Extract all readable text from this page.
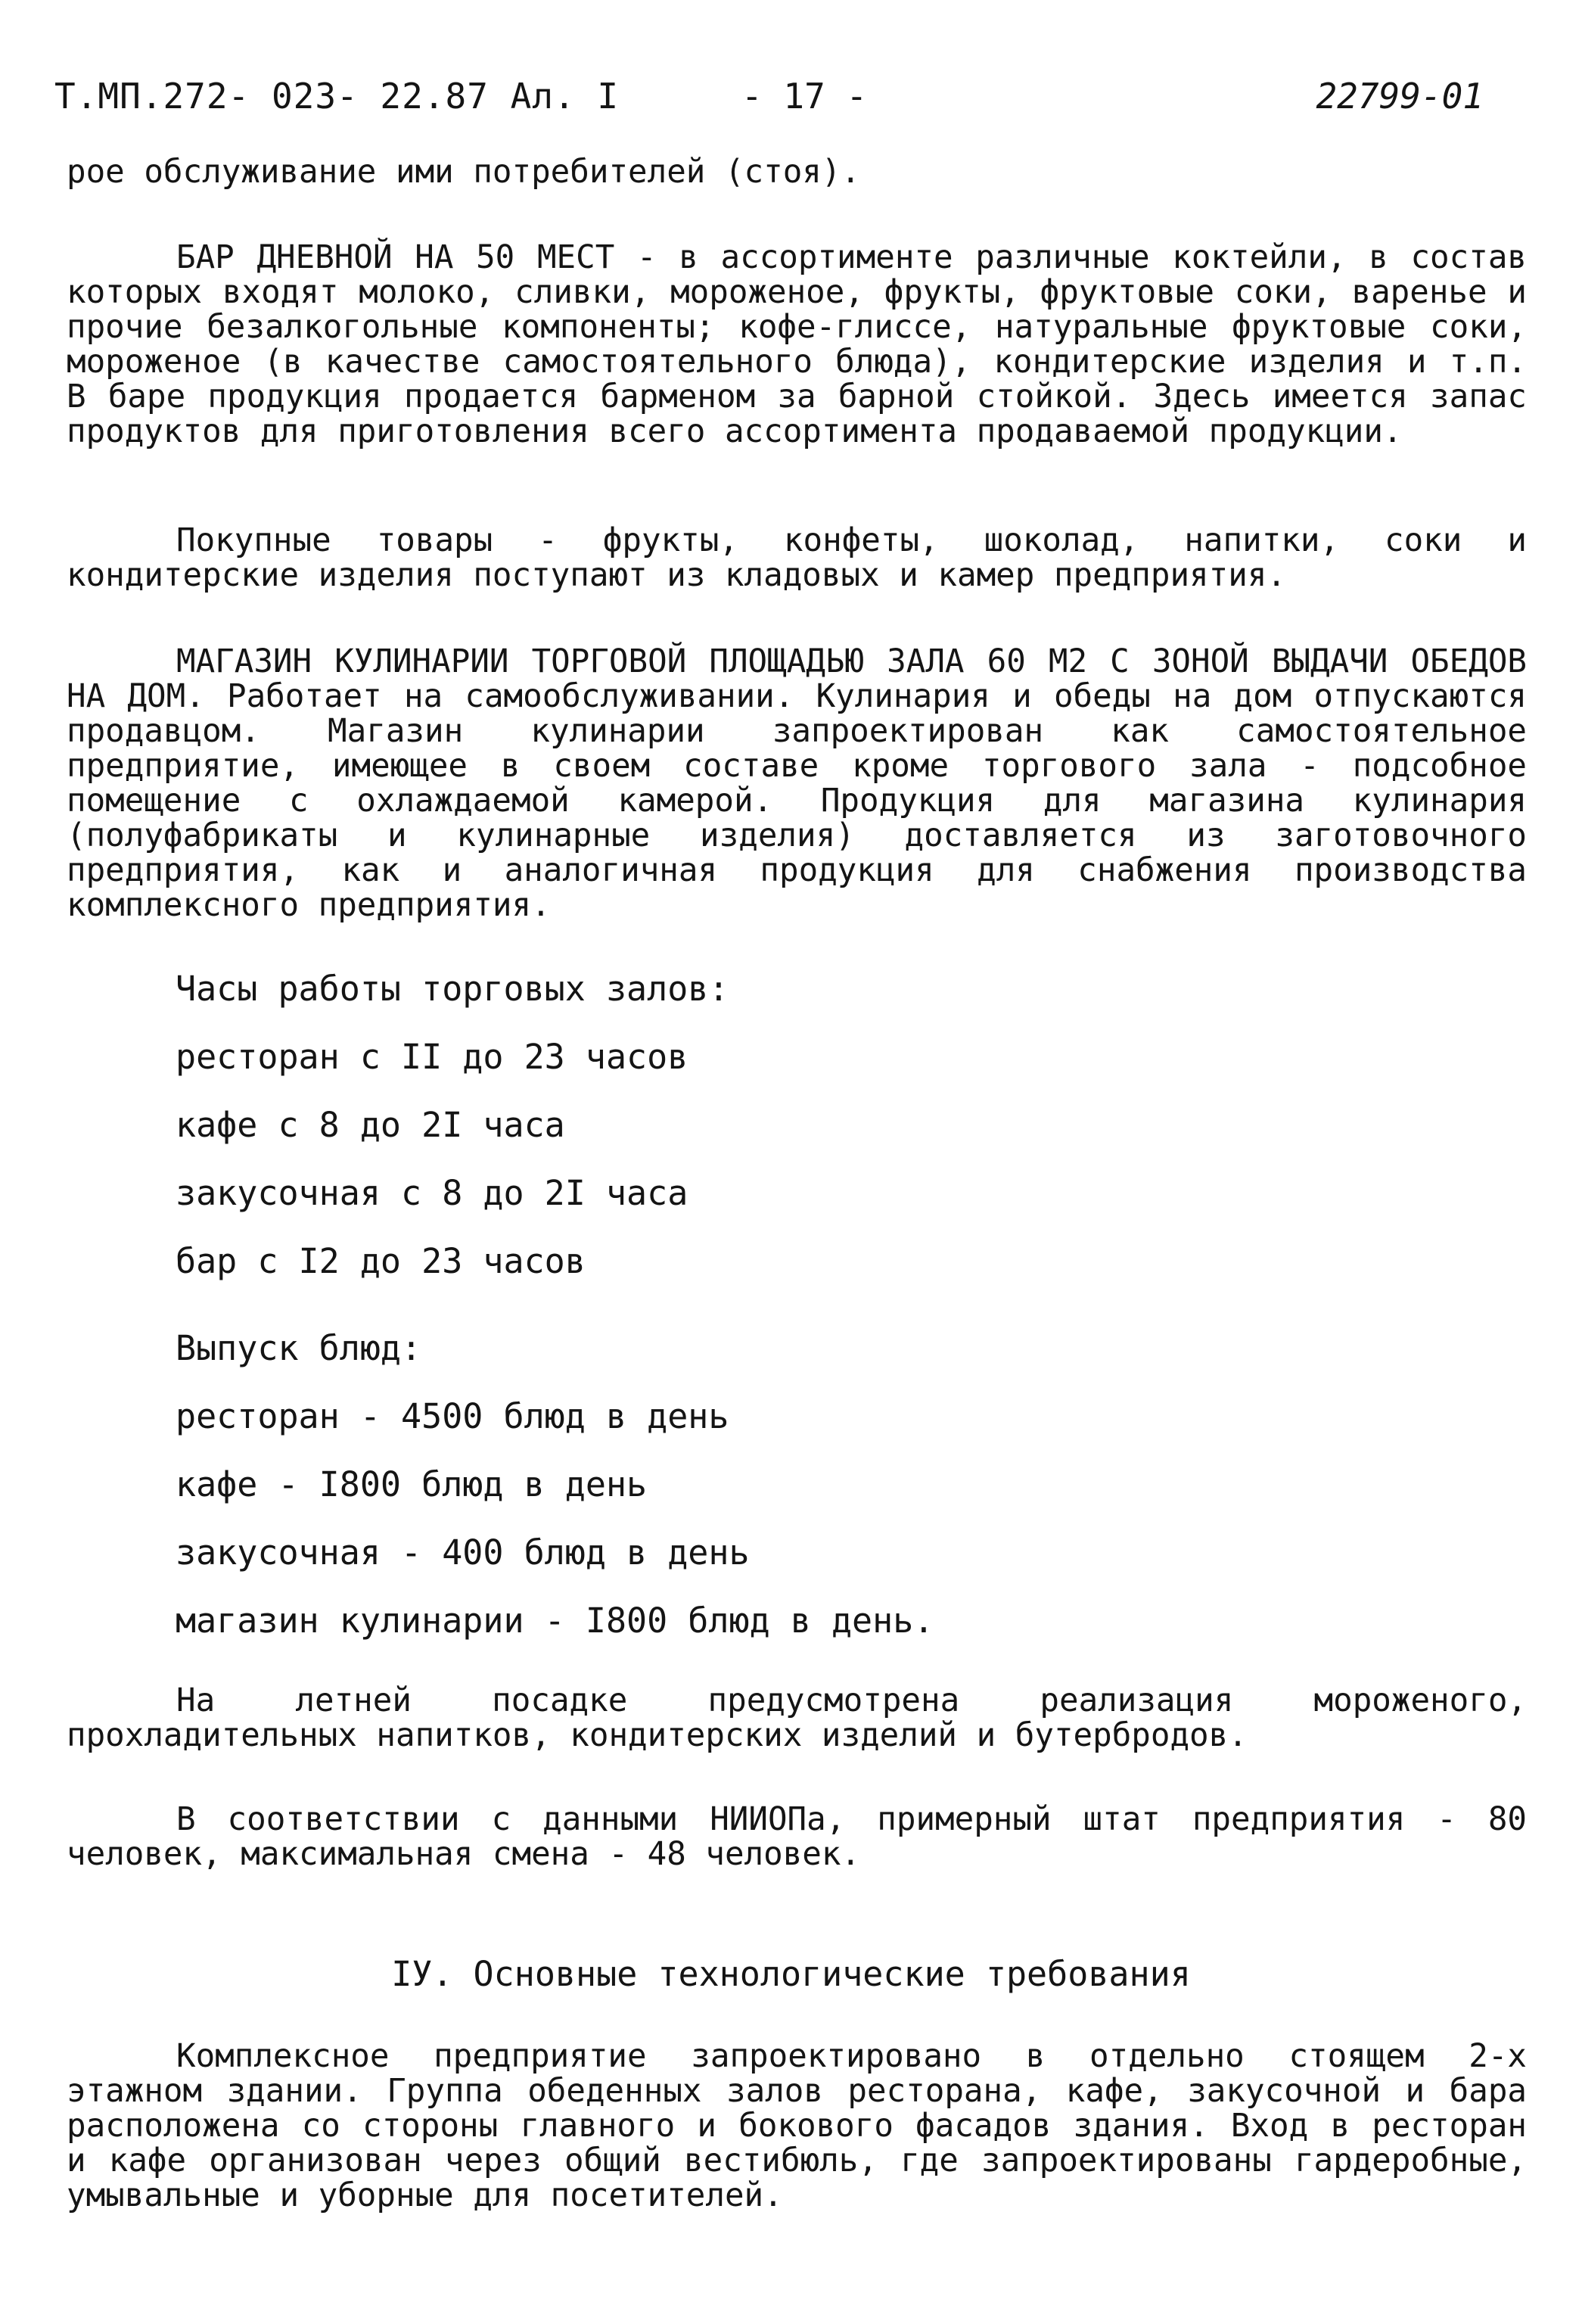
Т.МП.272- 023- 22.87 Ал. I	- 17 -	22799-01
рое обслуживание ими потребителей (стоя).
БАР ДНЕВНОЙ НА 50 МЕСТ - в ассортименте различные коктейли, в состав которых входят молоко, сливки, мороженое, фрукты, фруктовые соки, варенье и прочие безалкогольные компоненты; кофе-глиссе, натуральные фруктовые соки, мороженое (в качестве самостоятельного блюда), кондитерские изделия и т.п. В баре продукция продается барменом за барной стойкой. Здесь имеется запас продуктов для приготовления всего ассортимента продаваемой продукции.
Покупные товары - фрукты, конфеты, шоколад, напитки, соки и кондитерские изделия поступают из кладовых и камер предприятия.
МАГАЗИН КУЛИНАРИИ ТОРГОВОЙ ПЛОЩАДЬЮ ЗАЛА 60 М2 С ЗОНОЙ ВЫДАЧИ ОБЕДОВ НА ДОМ. Работает на самообслуживании. Кулинария и обеды на дом отпускаются продавцом. Магазин кулинарии запроектирован как самостоятельное предприятие, имеющее в своем составе кроме торгового зала - подсобное помещение с охлаждаемой камерой. Продукция для магазина кулинария (полуфабрикаты и кулинарные изделия) доставляется из заготовочного предприятия, как и аналогичная продукция для снабжения производства комплексного предприятия.
Часы работы торговых залов:
ресторан с II до 23 часов
кафе с 8 до 2I часа
закусочная с 8 до 2I часа
бар с I2 до 23 часов
Выпуск блюд:
ресторан - 4500 блюд в день
кафе - I800 блюд в день
закусочная - 400 блюд в день
магазин кулинарии - I800 блюд в день.
На летней посадке предусмотрена реализация мороженого, прохладительных напитков, кондитерских изделий и бутербродов.
В соответствии с данными НИИОПа, примерный штат предприятия - 80 человек, максимальная смена - 48 человек.
IУ. Основные технологические требования
Комплексное предприятие запроектировано в отдельно стоящем 2-х этажном здании. Группа обеденных залов ресторана, кафе, закусочной и бара расположена со стороны главного и бокового фасадов здания. Вход в ресторан и кафе организован через общий вестибюль, где запроектированы гардеробные, умывальные и уборные для посетителей.
